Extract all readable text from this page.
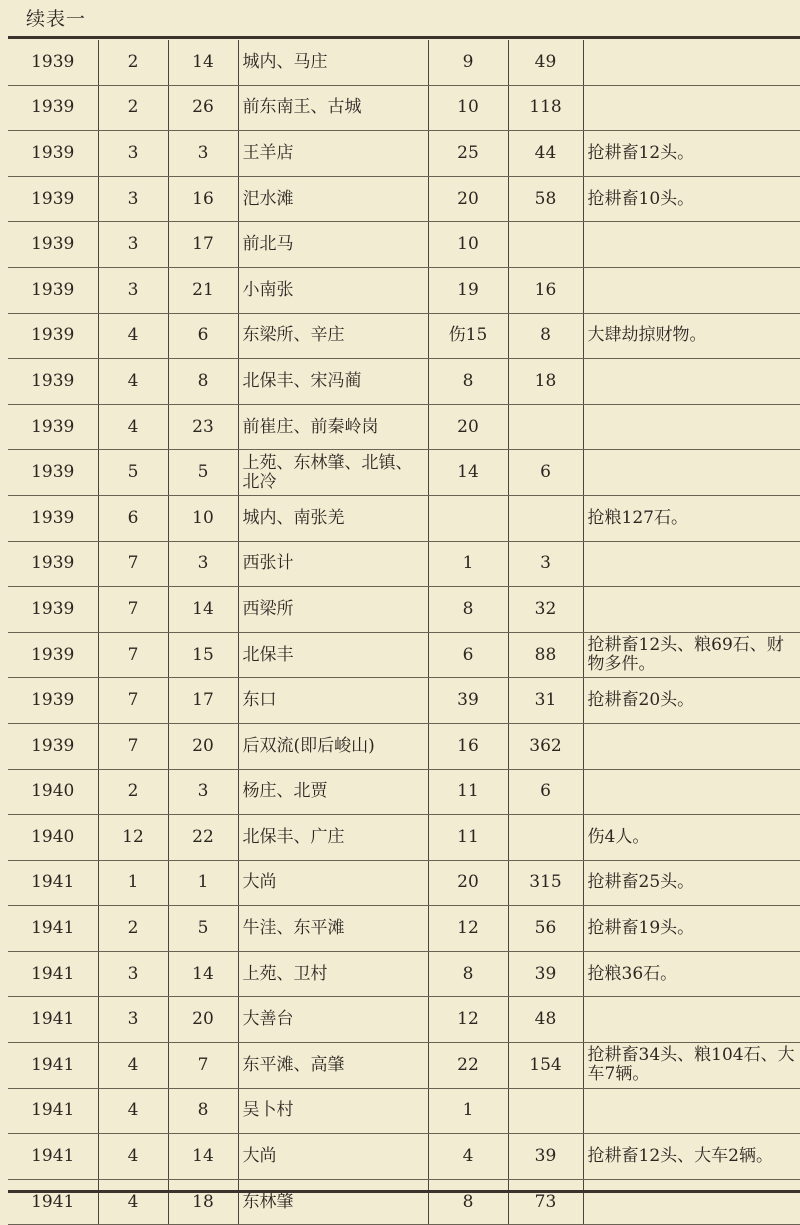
续表一
1939	2	14	城内、马庄	9	49	
1939	2	26	前东南王、古城	10	118	
1939	3	3	王羊店	25	44	抢耕畜12头。
1939	3	16	汜水滩	20	58	抢耕畜10头。
1939	3	17	前北马	10		
1939	3	21	小南张	19	16	
1939	4	6	东梁所、辛庄	伤15	8	大肆劫掠财物。
1939	4	8	北保丰、宋冯蔺	8	18	
1939	4	23	前崔庄、前秦岭岗	20		
1939	5	5	上苑、东林肇、北镇、北冷	14	6	
1939	6	10	城内、南张羌			抢粮127石。
1939	7	3	西张计	1	3	
1939	7	14	西梁所	8	32	
1939	7	15	北保丰	6	88	抢耕畜12头、粮69石、财物多件。
1939	7	17	东口	39	31	抢耕畜20头。
1939	7	20	后双流(即后峻山)	16	362	
1940	2	3	杨庄、北贾	11	6	
1940	12	22	北保丰、广庄	11		伤4人。
1941	1	1	大尚	20	315	抢耕畜25头。
1941	2	5	牛洼、东平滩	12	56	抢耕畜19头。
1941	3	14	上苑、卫村	8	39	抢粮36石。
1941	3	20	大善台	12	48	
1941	4	7	东平滩、高肇	22	154	抢耕畜34头、粮104石、大车7辆。
1941	4	8	吴卜村	1		
1941	4	14	大尚	4	39	抢耕畜12头、大车2辆。
1941	4	18	东林肇	8	73	
